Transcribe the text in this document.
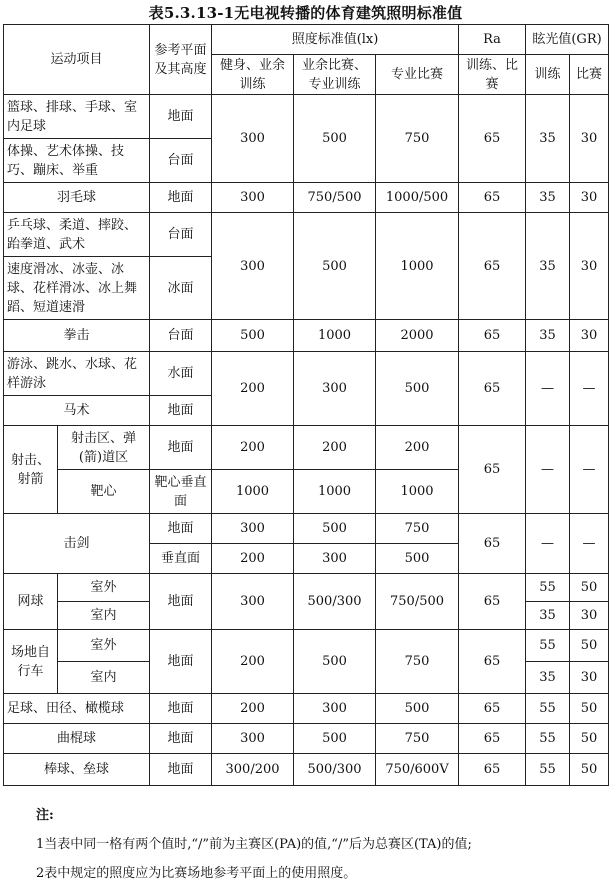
表5.3.13-1无电视转播的体育建筑照明标准值
运动项目		参考平面及其高度	照度标准值(lx)			Ra	眩光值(GR)	
			健身、业余训练	业余比赛、专业训练	专业比赛	训练、比赛	训练	比赛

篮球、排球、手球、室内足球		地面	300	500	750	65	35	30
体操、艺术体操、技巧、蹦床、举重		台面						
羽毛球		地面	300	750/500	1000/500	65	35	30
乒乓球、柔道、摔跤、跆拳道、武术		台面	300	500	1000	65	35	30
速度滑冰、冰壶、冰球、花样滑冰、冰上舞蹈、短道速滑		冰面						
拳击		台面	500	1000	2000	65	35	30
游泳、跳水、水球、花样游泳		水面	200	300	500	65	—	—
马术		地面						
射击、射箭	射击区、弹(箭)道区	地面	200	200	200	65	—	—
	靶心	靶心垂直面	1000	1000	1000			
击剑		地面	300	500	750	65	—	—
		垂直面	200	300	500			
网球	室外	地面	300	500/300	750/500	65	55	50
	室内						35	30
场地自行车	室外	地面	200	500	750	65	55	50
	室内						35	30
足球、田径、橄榄球		地面	200	300	500	65	55	50
曲棍球		地面	300	500	750	65	55	50
棒球、垒球		地面	300/200	500/300	750/600V	65	55	50
注:
1当表中同一格有两个值时,“/”前为主赛区(PA)的值,“/”后为总赛区(TA)的值;
2表中规定的照度应为比赛场地参考平面上的使用照度。
